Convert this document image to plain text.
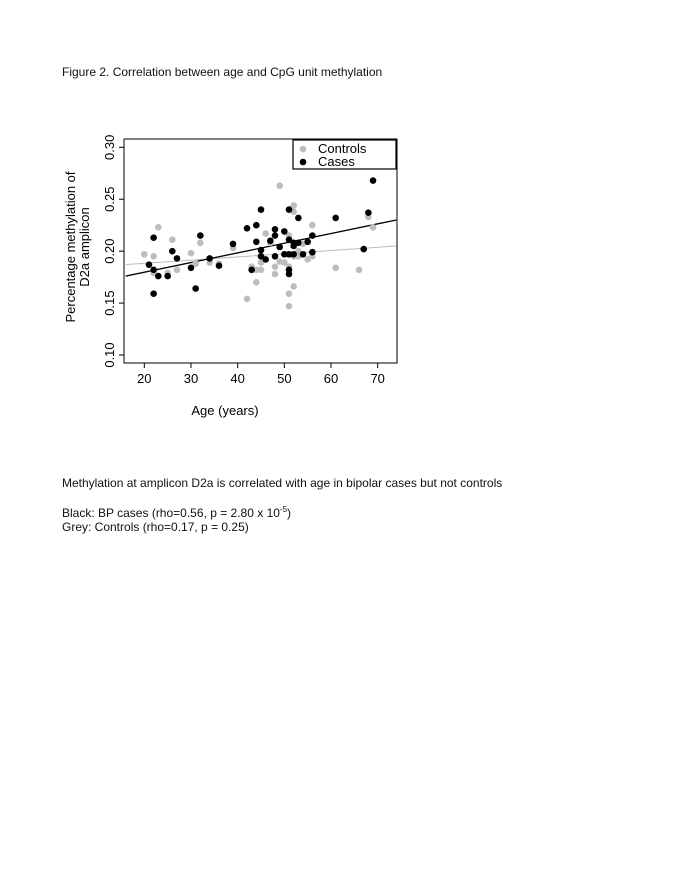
Figure 2. Correlation between age and CpG unit methylation
20 30 40 50 60 70
0.10
0.15
0.20
0.25
0.30	Controls
Cases
Age (years)
Percentage methylation of D2a amplicon
Methylation at amplicon D2a is correlated with age in bipolar cases but not controls
Black: BP cases (rho=0.56, p = 2.80 x $10^{-5}$)
Grey: Controls (rho=0.17, p = 0.25)
